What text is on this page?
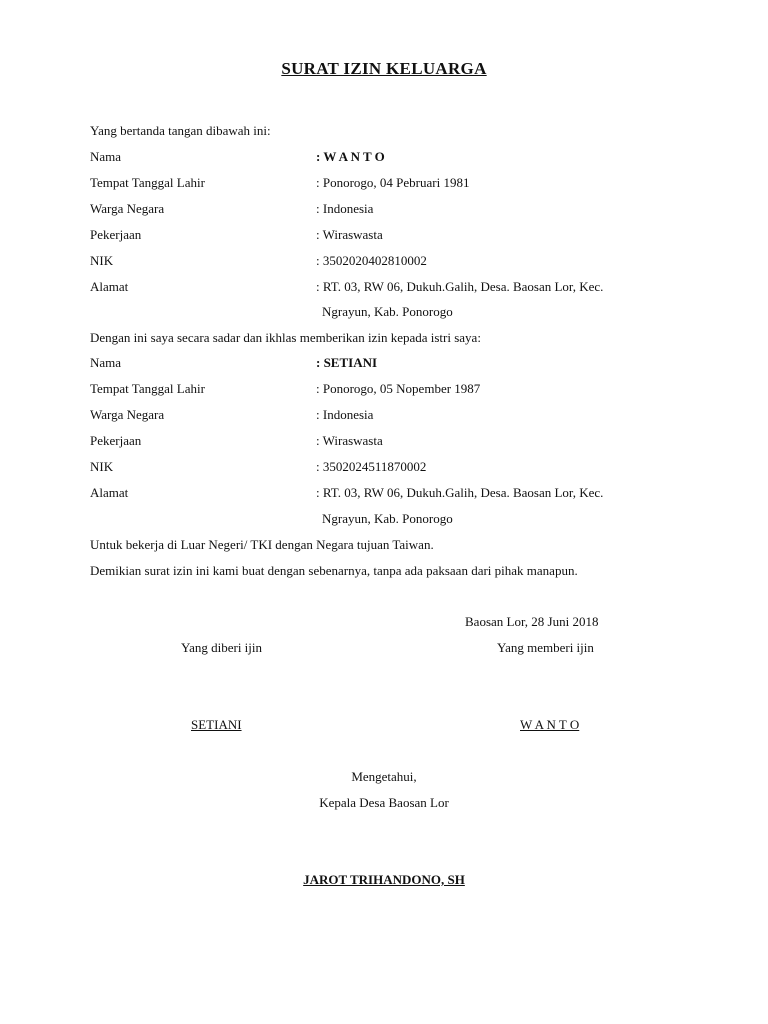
SURAT IZIN KELUARGA
Yang bertanda tangan dibawah ini:
Nama	: W A N T O
Tempat Tanggal Lahir	: Ponorogo, 04 Pebruari 1981
Warga Negara	: Indonesia
Pekerjaan	: Wiraswasta
NIK	: 3502020402810002
Alamat	: RT. 03, RW 06, Dukuh.Galih, Desa. Baosan Lor, Kec.
Ngrayun, Kab. Ponorogo
Dengan ini saya secara sadar dan ikhlas memberikan izin kepada istri saya:
Nama	: SETIANI
Tempat Tanggal Lahir	: Ponorogo, 05 Nopember 1987
Warga Negara	: Indonesia
Pekerjaan	: Wiraswasta
NIK	: 3502024511870002
Alamat	: RT. 03, RW 06, Dukuh.Galih, Desa. Baosan Lor, Kec.
Ngrayun, Kab. Ponorogo
Untuk bekerja di Luar Negeri/ TKI dengan Negara tujuan Taiwan.
Demikian surat izin ini kami buat dengan sebenarnya, tanpa ada paksaan dari pihak manapun.
Baosan Lor, 28 Juni 2018
Yang diberi ijin	Yang memberi ijin
SETIANI	W A N T O
Mengetahui,
Kepala Desa Baosan Lor
JAROT TRIHANDONO, SH
